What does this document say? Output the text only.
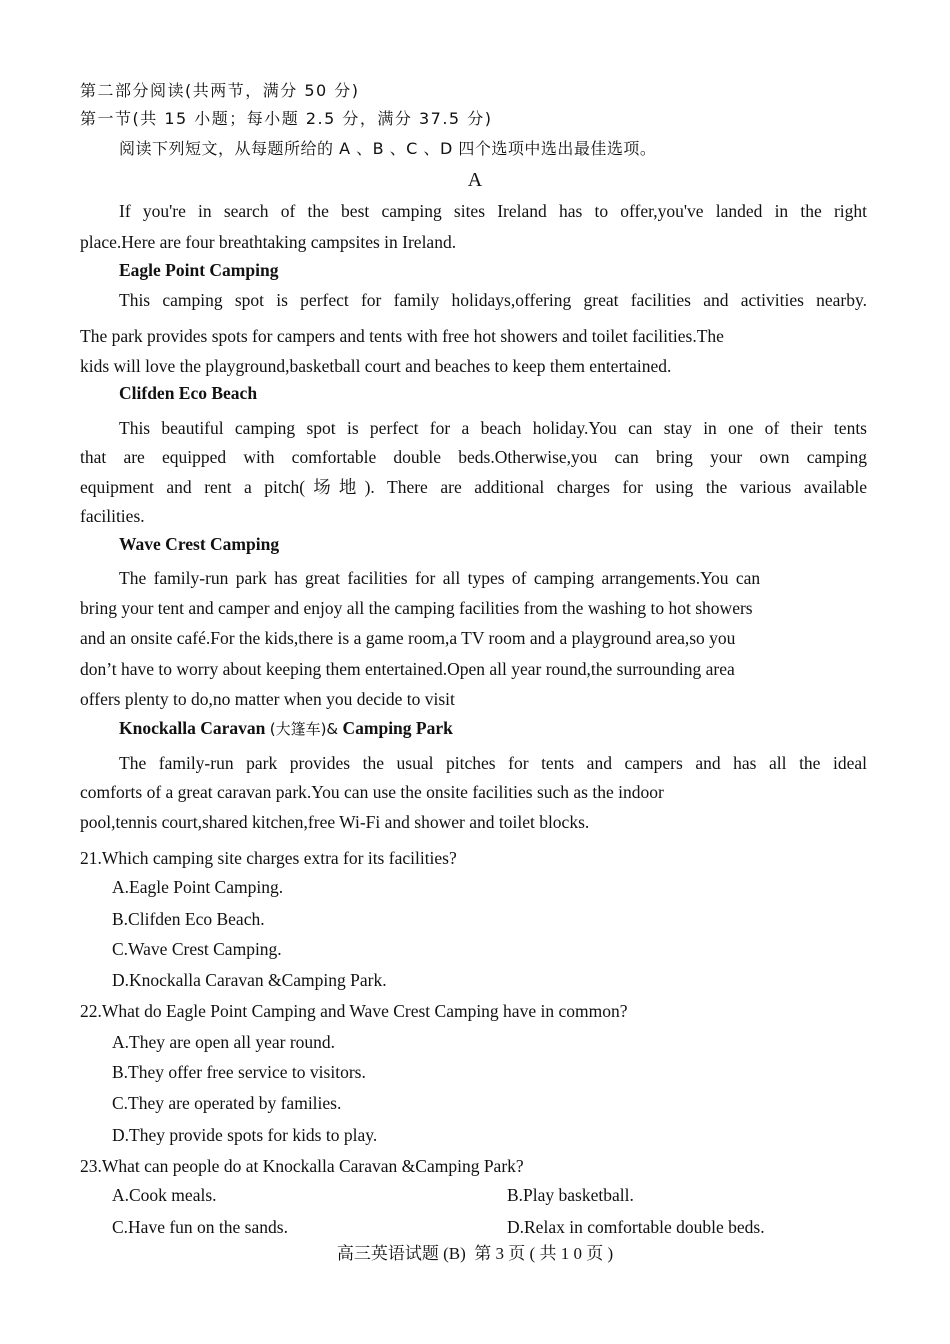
第二部分阅读(共两节，满分 50 分)
第一节(共 15 小题；每小题 2.5 分，满分 37.5 分)
阅读下列短文，从每题所给的 A 、B 、C 、D 四个选项中选出最佳选项。
A
If you're in search of the best camping sites Ireland has to offer,you've landed in the right
place.Here are four breathtaking campsites in Ireland.
Eagle Point Camping
This camping spot is perfect for family holidays,offering great facilities and activities nearby.
The park provides spots for campers and tents with free hot showers and toilet facilities.The
kids will love the playground,basketball court and beaches to keep them entertained.
Clifden Eco Beach
This beautiful camping spot is perfect for a beach holiday.You can stay in one of their tents
that are equipped with comfortable double beds.Otherwise,you can bring your own camping
equipment and rent a pitch(场地). There are additional charges for using the various available
facilities.
Wave Crest Camping
The family-run park has great facilities for all types of camping arrangements.You can
bring your tent and camper and enjoy all the camping facilities from the washing to hot showers
and an onsite café.For the kids,there is a game room,a TV room and a playground area,so you
don’t have to worry about keeping them entertained.Open all year round,the surrounding area
offers plenty to do,no matter when you decide to visit
Knockalla Caravan (大篷车)& Camping Park
The family-run park provides the usual pitches for tents and campers and has all the ideal
comforts of a great caravan park.You can use the onsite facilities such as the indoor
pool,tennis court,shared kitchen,free Wi-Fi and shower and toilet blocks.
21.Which camping site charges extra for its facilities?
A.Eagle Point Camping.
B.Clifden Eco Beach.
C.Wave Crest Camping.
D.Knockalla Caravan &Camping Park.
22.What do Eagle Point Camping and Wave Crest Camping have in common?
A.They are open all year round.
B.They offer free service to visitors.
C.They are operated by families.
D.They provide spots for kids to play.
23.What can people do at Knockalla Caravan &Camping Park?
A.Cook meals.	B.Play basketball.
C.Have fun on the sands.	D.Relax in comfortable double beds.
高三英语试题 (B)  第 3 页 ( 共 1 0 页 )
